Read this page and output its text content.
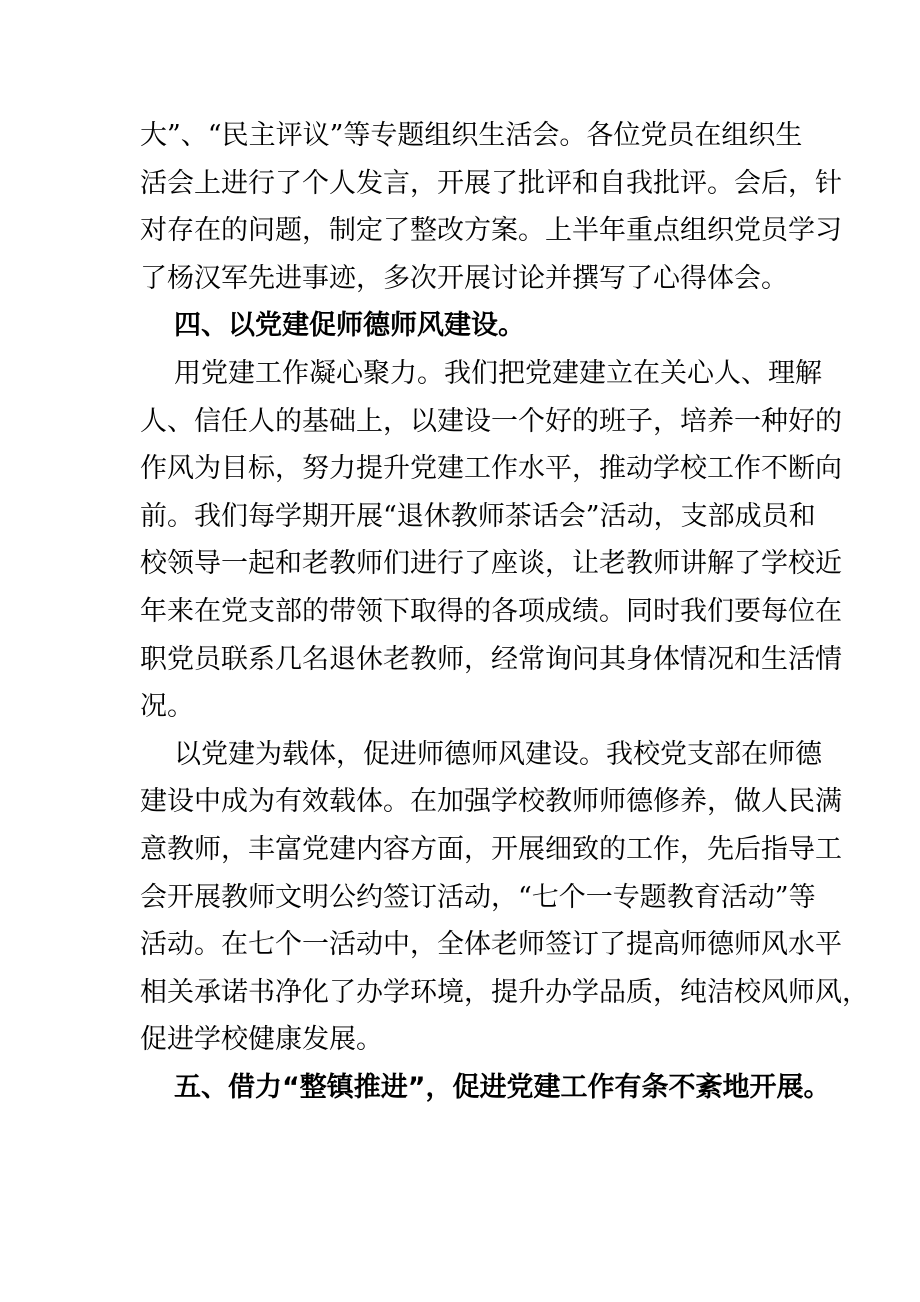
大”、“民主评议”等专题组织生活会。各位党员在组织生
活会上进行了个人发言，开展了批评和自我批评。会后，针
对存在的问题，制定了整改方案。上半年重点组织党员学习
了杨汉军先进事迹，多次开展讨论并撰写了心得体会。
四、以党建促师德师风建设。
用党建工作凝心聚力。我们把党建建立在关心人、理解
人、信任人的基础上，以建设一个好的班子，培养一种好的
作风为目标，努力提升党建工作水平，推动学校工作不断向
前。我们每学期开展“退休教师茶话会”活动，支部成员和
校领导一起和老教师们进行了座谈，让老教师讲解了学校近
年来在党支部的带领下取得的各项成绩。同时我们要每位在
职党员联系几名退休老教师，经常询问其身体情况和生活情
况。
以党建为载体，促进师德师风建设。我校党支部在师德
建设中成为有效载体。在加强学校教师师德修养，做人民满
意教师，丰富党建内容方面，开展细致的工作，先后指导工
会开展教师文明公约签订活动，“七个一专题教育活动”等
活动。在七个一活动中，全体老师签订了提高师德师风水平
相关承诺书净化了办学环境，提升办学品质，纯洁校风师风，
促进学校健康发展。
五、借力“整镇推进”，促进党建工作有条不紊地开展。
